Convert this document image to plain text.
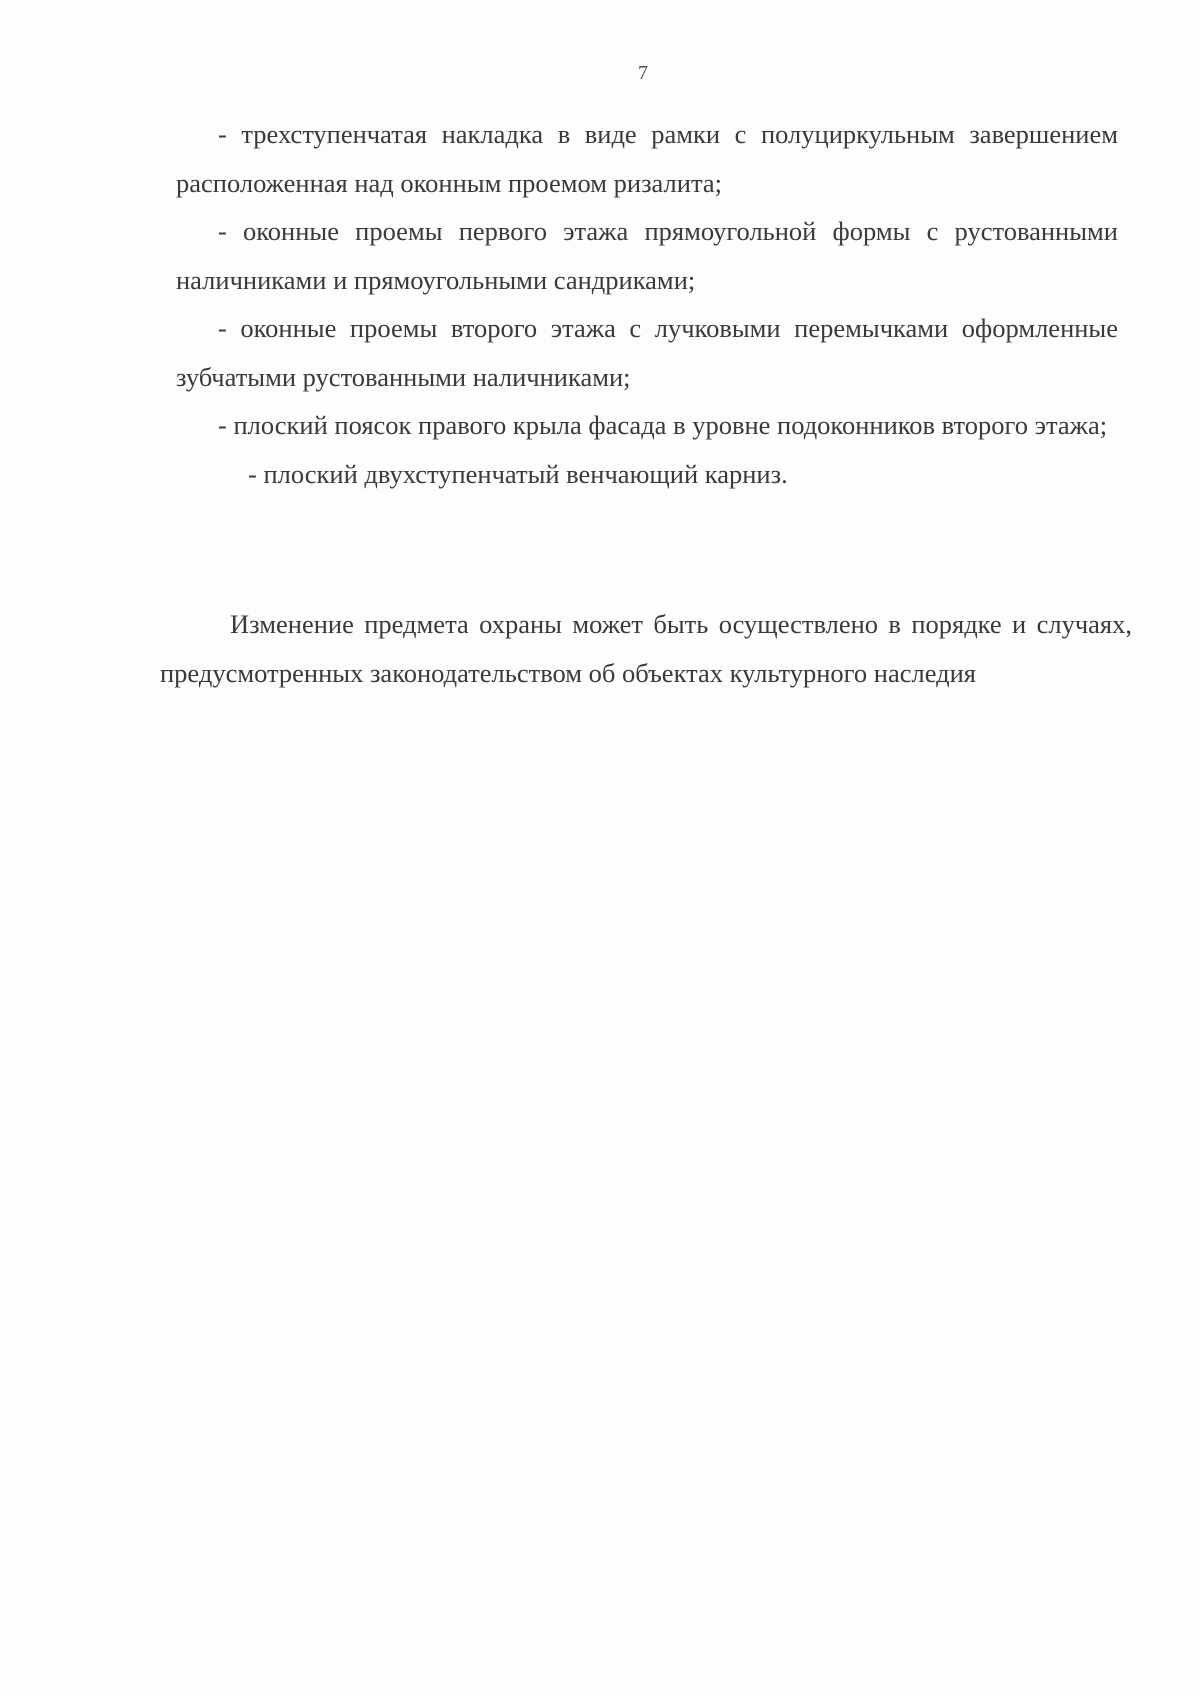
7

- трехступенчатая накладка в виде рамки с полуциркульным завершением расположенная над оконным проемом ризалита;

- оконные проемы первого этажа прямоугольной формы с рустованными наличниками и прямоугольными сандриками;

- оконные проемы второго этажа с лучковыми перемычками оформленные зубчатыми рустованными наличниками;

- плоский поясок правого крыла фасада в уровне подоконников второго этажа;

- плоский двухступенчатый венчающий карниз.

Изменение предмета охраны может быть осуществлено в порядке и случаях, предусмотренных законодательством об объектах культурного наследия
